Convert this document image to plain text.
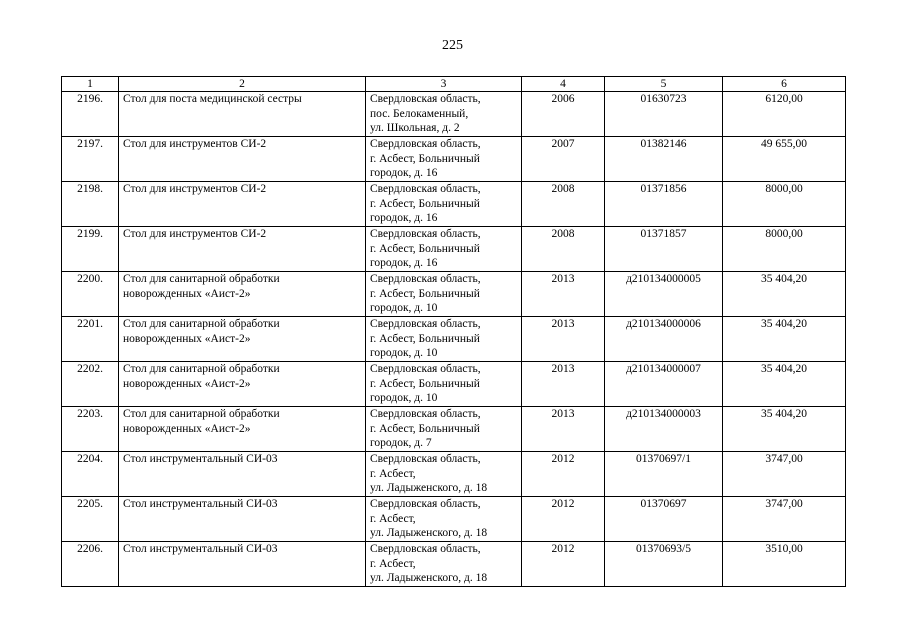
225
1	2	3	4	5	6
2196.	Стол для поста медицинской сестры	Свердловская область,
пос. Белокаменный,
ул. Школьная, д. 2	2006	01630723	6120,00
2197.	Стол для инструментов СИ-2	Свердловская область,
г. Асбест, Больничный
городок, д. 16	2007	01382146	49 655,00
2198.	Стол для инструментов СИ-2	Свердловская область,
г. Асбест, Больничный
городок, д. 16	2008	01371856	8000,00
2199.	Стол для инструментов СИ-2	Свердловская область,
г. Асбест, Больничный
городок, д. 16	2008	01371857	8000,00
2200.	Стол для санитарной обработки
новорожденных «Аист-2»	Свердловская область,
г. Асбест, Больничный
городок, д. 10	2013	д210134000005	35 404,20
2201.	Стол для санитарной обработки
новорожденных «Аист-2»	Свердловская область,
г. Асбест, Больничный
городок, д. 10	2013	д210134000006	35 404,20
2202.	Стол для санитарной обработки
новорожденных «Аист-2»	Свердловская область,
г. Асбест, Больничный
городок, д. 10	2013	д210134000007	35 404,20
2203.	Стол для санитарной обработки
новорожденных «Аист-2»	Свердловская область,
г. Асбест, Больничный
городок, д. 7	2013	д210134000003	35 404,20
2204.	Стол инструментальный СИ-03	Свердловская область,
г. Асбест,
ул. Ладыженского, д. 18	2012	01370697/1	3747,00
2205.	Стол инструментальный СИ-03	Свердловская область,
г. Асбест,
ул. Ладыженского, д. 18	2012	01370697	3747,00
2206.	Стол инструментальный СИ-03	Свердловская область,
г. Асбест,
ул. Ладыженского, д. 18	2012	01370693/5	3510,00
